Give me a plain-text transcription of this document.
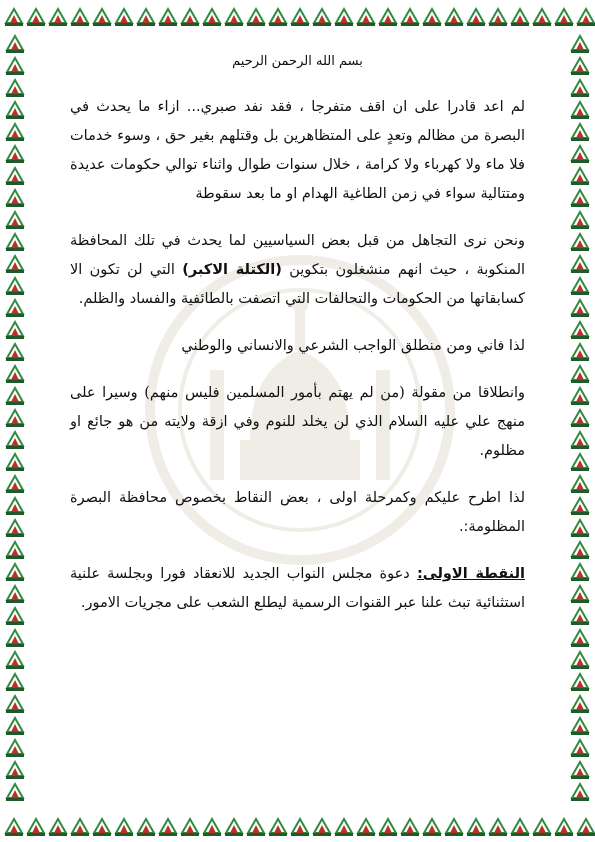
بسم الله الرحمن الرحيم

لم اعد قادرا على ان اقف متفرجا ، فقد نفد صبري... ازاء ما يحدث في البصرة من مظالم وتعدٍ على المتظاهرين بل وقتلهم بغير حق ، وسوء خدمات فلا ماء ولا كهرباء ولا كرامة ، خلال سنوات طوال واثناء توالي حكومات عديدة ومتتالية سواء في زمن الطاغية الهدام او ما بعد سقوطة

ونحن نرى التجاهل من قبل بعض السياسيين لما يحدث في تلك المحافظة المنكوبة ، حيث انهم منشغلون بتكوين (الكتلة الاكبر) التي لن تكون الا كسابقاتها من الحكومات والتحالفات التي اتصفت بالطائفية والفساد والظلم.

لذا فاني ومن منطلق الواجب الشرعي والانساني والوطني

وانطلاقا من مقولة (من لم يهتم بأمور المسلمين فليس منهم) وسيرا على منهج علي عليه السلام الذي لن يخلد للنوم وفي ازقة ولايته من هو جائع او مظلوم.

لذا اطرح عليكم وكمرحلة اولى ، بعض النقاط بخصوص محافظة البصرة المظلومة:.

النقطة الاولى: دعوة مجلس النواب الجديد للانعقاد فورا وبجلسة علنية استثنائية تبث علنا عبر القنوات الرسمية ليطلع الشعب على مجريات الامور.
